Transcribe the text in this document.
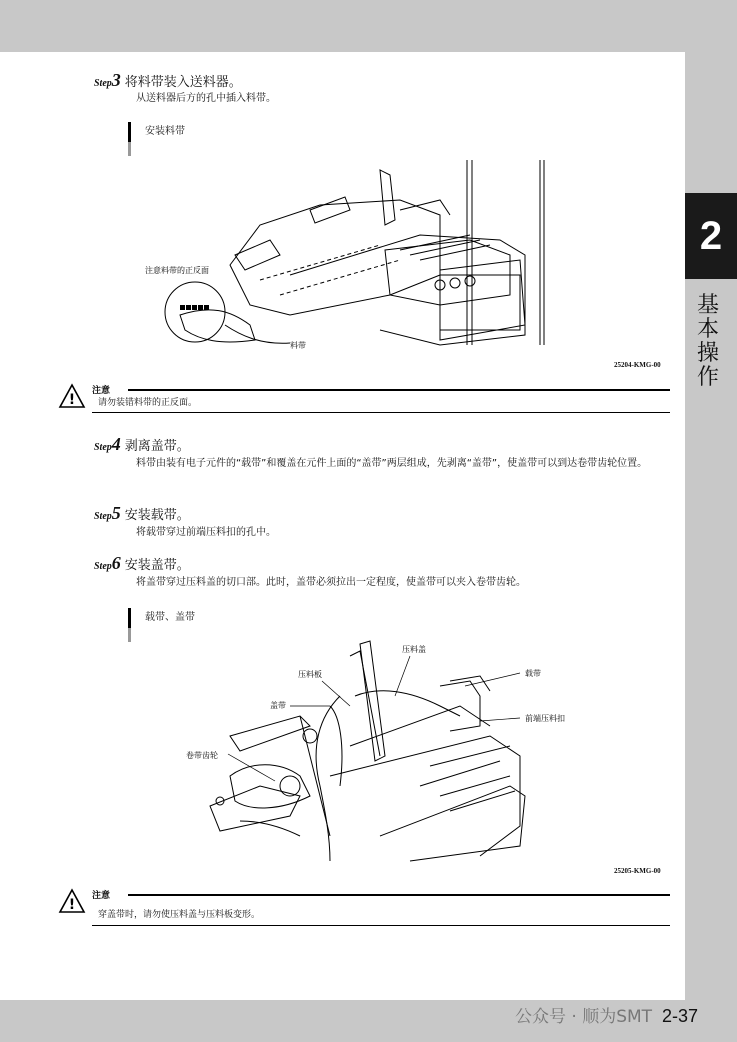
2
基
本
操
作
Step3 将料带装入送料器。
从送料器后方的孔中插入料带。
安装料带
注意料带的正反面
料带
25204-KMG-00
!
注意
请勿装错料带的正反面。
Step4 剥离盖带。
料带由装有电子元件的“载带”和覆盖在元件上面的“盖带”两层组成，先剥离“盖带”，使盖带可以到达卷带齿轮位置。
Step5 安装载带。
将载带穿过前端压料扣的孔中。
Step6 安装盖带。
将盖带穿过压料盖的切口部。此时，盖带必须拉出一定程度，使盖带可以夹入卷带齿轮。
载带、盖带
压料盖
压料板	载带
前端压料扣
盖带
卷带齿轮
25205-KMG-00
!
注意
穿盖带时，请勿使压料盖与压料板变形。
公众号 · 顺为SMT 2-37
